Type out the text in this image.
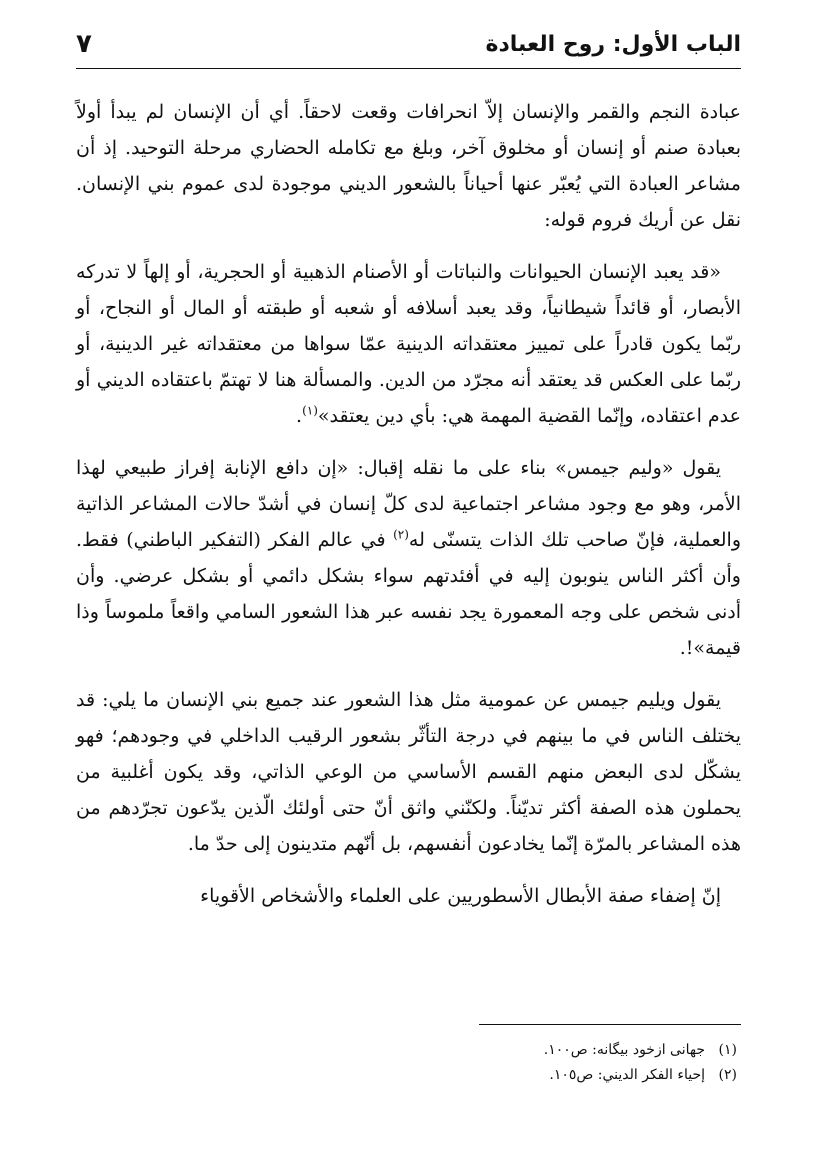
الباب الأول: روح العبادة
٧

عبادة النجم والقمر والإنسان إلاّ انحرافات وقعت لاحقاً. أي أن الإنسان لم يبدأ أولاً بعبادة صنم أو إنسان أو مخلوق آخر، وبلغ مع تكامله الحضاري مرحلة التوحيد. إذ أن مشاعر العبادة التي يُعبّر عنها أحياناً بالشعور الديني موجودة لدى عموم بني الإنسان. نقل عن أريك فروم قوله:

«قد يعبد الإنسان الحيوانات والنباتات أو الأصنام الذهبية أو الحجرية، أو إلهاً لا تدركه الأبصار، أو قائداً شيطانياً، وقد يعبد أسلافه أو شعبه أو طبقته أو المال أو النجاح، أو ربّما يكون قادراً على تمييز معتقداته الدينية عمّا سواها من معتقداته غير الدينية، أو ربّما على العكس قد يعتقد أنه مجرّد من الدين. والمسألة هنا لا تهتمّ باعتقاده الديني أو عدم اعتقاده، وإنّما القضية المهمة هي: بأي دين يعتقد»$^{(١)}$.

يقول «وليم جيمس» بناء على ما نقله إقبال: «إن دافع الإنابة إفراز طبيعي لهذا الأمر، وهو مع وجود مشاعر اجتماعية لدى كلّ إنسان في أشدّ حالات المشاعر الذاتية والعملية، فإنّ صاحب تلك الذات يتسنّى له$^{(٢)}$ في عالم الفكر (التفكير الباطني) فقط. وأن أكثر الناس ينوبون إليه في أفئدتهم سواء بشكل دائمي أو بشكل عرضي. وأن أدنى شخص على وجه المعمورة يجد نفسه عبر هذا الشعور السامي واقعاً ملموساً وذا قيمة»!.

يقول ويليم جيمس عن عمومية مثل هذا الشعور عند جميع بني الإنسان ما يلي: قد يختلف الناس في ما بينهم في درجة التأثّر بشعور الرقيب الداخلي في وجودهم؛ فهو يشكّل لدى البعض منهم القسم الأساسي من الوعي الذاتي، وقد يكون أغلبية من يحملون هذه الصفة أكثر تديّناً. ولكنّني واثق أنّ حتى أولئك الّذين يدّعون تجرّدهم من هذه المشاعر بالمرّة إنّما يخادعون أنفسهم، بل أنّهم متدينون إلى حدّ ما.

إنّ إضفاء صفة الأبطال الأسطوريين على العلماء والأشخاص الأقوياء

(١)
جهانى ازخود بيگانه: ص١٠٠.
(٢)
إحياء الفكر الديني: ص١٠٥.
